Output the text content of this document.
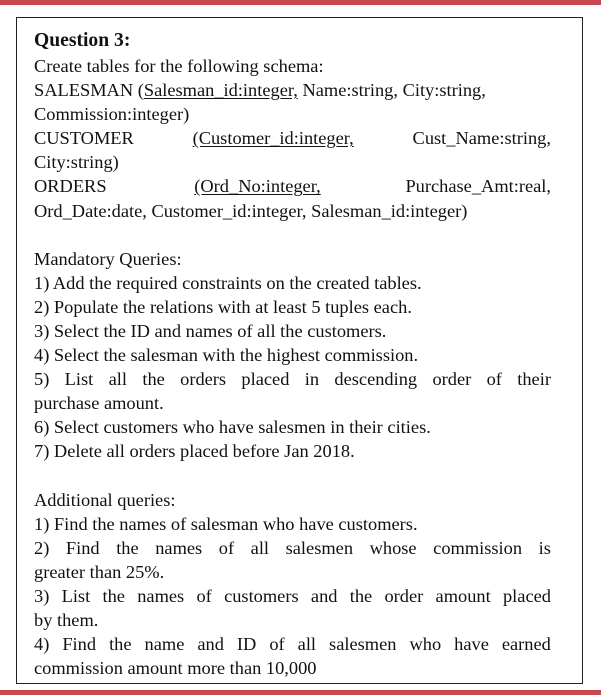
Question 3:
Create tables for the following schema:
SALESMAN (Salesman_id:integer, Name:string, City:string,
Commission:integer)
CUSTOMER	(Customer_id:integer,	Cust_Name:string,
City:string)
ORDERS	(Ord_No:integer,	Purchase_Amt:real,
Ord_Date:date, Customer_id:integer, Salesman_id:integer)
Mandatory Queries:
1) Add the required constraints on the created tables.
2) Populate the relations with at least 5 tuples each.
3) Select the ID and names of all the customers.
4) Select the salesman with the highest commission.
5) List all the orders placed in descending order of their
purchase amount.
6) Select customers who have salesmen in their cities.
7) Delete all orders placed before Jan 2018.
Additional queries:
1) Find the names of salesman who have customers.
2) Find the names of all salesmen whose commission is
greater than 25%.
3) List the names of customers and the order amount placed
by them.
4) Find the name and ID of all salesmen who have earned
commission amount more than 10,000
